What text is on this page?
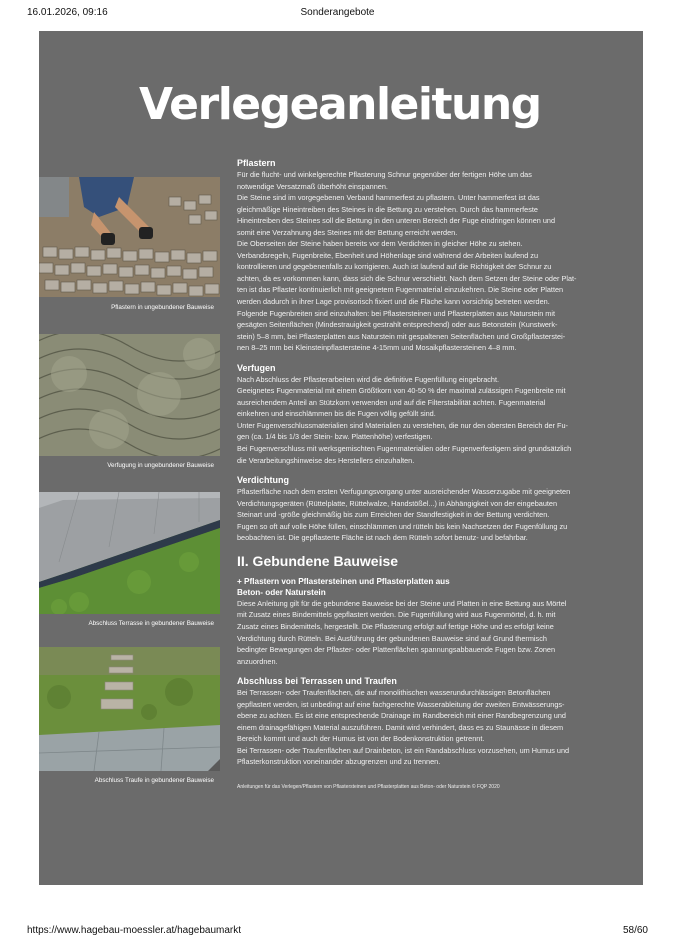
16.01.2026, 09:16	Sonderangebote
Verlegeanleitung
Pflastern in ungebundener Bauweise
Verfugung in ungebundener Bauweise
Abschluss Terrasse in gebundener Bauweise
Abschluss Traufe in gebundener Bauweise
Pflastern

Für die flucht- und winkelgerechte Pflasterung Schnur gegenüber der fertigen Höhe um das
notwendige Versatzmaß überhöht einspannen.
Die Steine sind im vorgegebenen Verband hammerfest zu pflastern. Unter hammerfest ist das
gleichmäßige Hineintreiben des Steines in die Bettung zu verstehen. Durch das hammerfeste
Hineintreiben des Steines soll die Bettung in den unteren Bereich der Fuge eindringen können und
somit eine Verzahnung des Steines mit der Bettung erreicht werden.
Die Oberseiten der Steine haben bereits vor dem Verdichten in gleicher Höhe zu stehen.
Verbandsregeln, Fugenbreite, Ebenheit und Höhenlage sind während der Arbeiten laufend zu
kontrollieren und gegebenenfalls zu korrigieren. Auch ist laufend auf die Richtigkeit der Schnur zu
achten, da es vorkommen kann, dass sich die Schnur verschiebt. Nach dem Setzen der Steine oder Plat-
ten ist das Pflaster kontinuierlich mit geeignetem Fugenmaterial einzukehren. Die Steine oder Platten
werden dadurch in ihrer Lage provisorisch fixiert und die Fläche kann vorsichtig betreten werden.
Folgende Fugenbreiten sind einzuhalten: bei Pflastersteinen und Pflasterplatten aus Naturstein mit
gesägten Seitenflächen (Mindestrauigkeit gestrahlt entsprechend) oder aus Betonstein (Kunstwerk-
stein) 5–8 mm, bei Pflasterplatten aus Naturstein mit gespaltenen Seitenflächen und Großpflasterstei-
nen 8–25 mm bei Kleinsteinpflastersteine 4-15mm und Mosaikpflastersteinen 4–8 mm.

Verfugen

Nach Abschluss der Pflasterarbeiten wird die definitive Fugenfüllung eingebracht.
Geeignetes Fugenmaterial mit einem Größtkorn von 40-50 % der maximal zulässigen Fugenbreite mit
ausreichendem Anteil an Stützkorn verwenden und auf die Filterstabilität achten. Fugenmaterial
einkehren und einschlämmen bis die Fugen völlig gefüllt sind.
Unter Fugenverschlussmaterialien sind Materialien zu verstehen, die nur den obersten Bereich der Fu-
gen (ca. 1/4 bis 1/3 der Stein- bzw. Plattenhöhe) verfestigen.
Bei Fugenverschluss mit werksgemischten Fugenmaterialien oder Fugenverfestigern sind grundsätzlich
die Verarbeitungshinweise des Herstellers einzuhalten.

Verdichtung

Pflasterfläche nach dem ersten Verfugungsvorgang unter ausreichender Wasserzugabe mit geeigneten
Verdichtungsgeräten (Rüttelplatte, Rüttelwalze, Handstößel...) in Abhängigkeit von der eingebauten
Steinart und -größe gleichmäßig bis zum Erreichen der Standfestigkeit in der Bettung verdichten.
Fugen so oft auf volle Höhe füllen, einschlämmen und rütteln bis kein Nachsetzen der Fugenfüllung zu
beobachten ist. Die gepflasterte Fläche ist nach dem Rütteln sofort benutz- und befahrbar.

II. Gebundene Bauweise
+ Pflastern von Pflastersteinen und Pflasterplatten aus
Beton- oder Naturstein

Diese Anleitung gilt für die gebundene Bauweise bei der Steine und Platten in eine Bettung aus Mörtel
mit Zusatz eines Bindemittels gepflastert werden. Die Fugenfüllung wird aus Fugenmörtel, d. h. mit
Zusatz eines Bindemittels, hergestellt. Die Pflasterung erfolgt auf fertige Höhe und es erfolgt keine
Verdichtung durch Rütteln. Bei Ausführung der gebundenen Bauweise sind auf Grund thermisch
bedingter Bewegungen der Pflaster- oder Plattenflächen spannungsabbauende Fugen bzw. Zonen
anzuordnen.

Abschluss bei Terrassen und Traufen

Bei Terrassen- oder Traufenflächen, die auf monolithischen wasserundurchlässigen Betonflächen
gepflastert werden, ist unbedingt auf eine fachgerechte Wasserableitung der zweiten Entwässerungs-
ebene zu achten. Es ist eine entsprechende Drainage im Randbereich mit einer Randbegrenzung und
einem drainagefähigen Material auszuführen. Damit wird verhindert, dass es zu Staunässe in diesem
Bereich kommt und auch der Humus ist von der Bodenkonstruktion getrennt.
Bei Terrassen- oder Traufenflächen auf Drainbeton, ist ein Randabschluss vorzusehen, um Humus und
Pflasterkonstruktion voneinander abzugrenzen und zu trennen.

Anleitungen für das Verlegen/Pflastern von Pflastersteinen und Pflasterplatten aus Beton- oder Naturstein © FQP 2020
https://www.hagebau-moessler.at/hagebaumarkt	58/60
